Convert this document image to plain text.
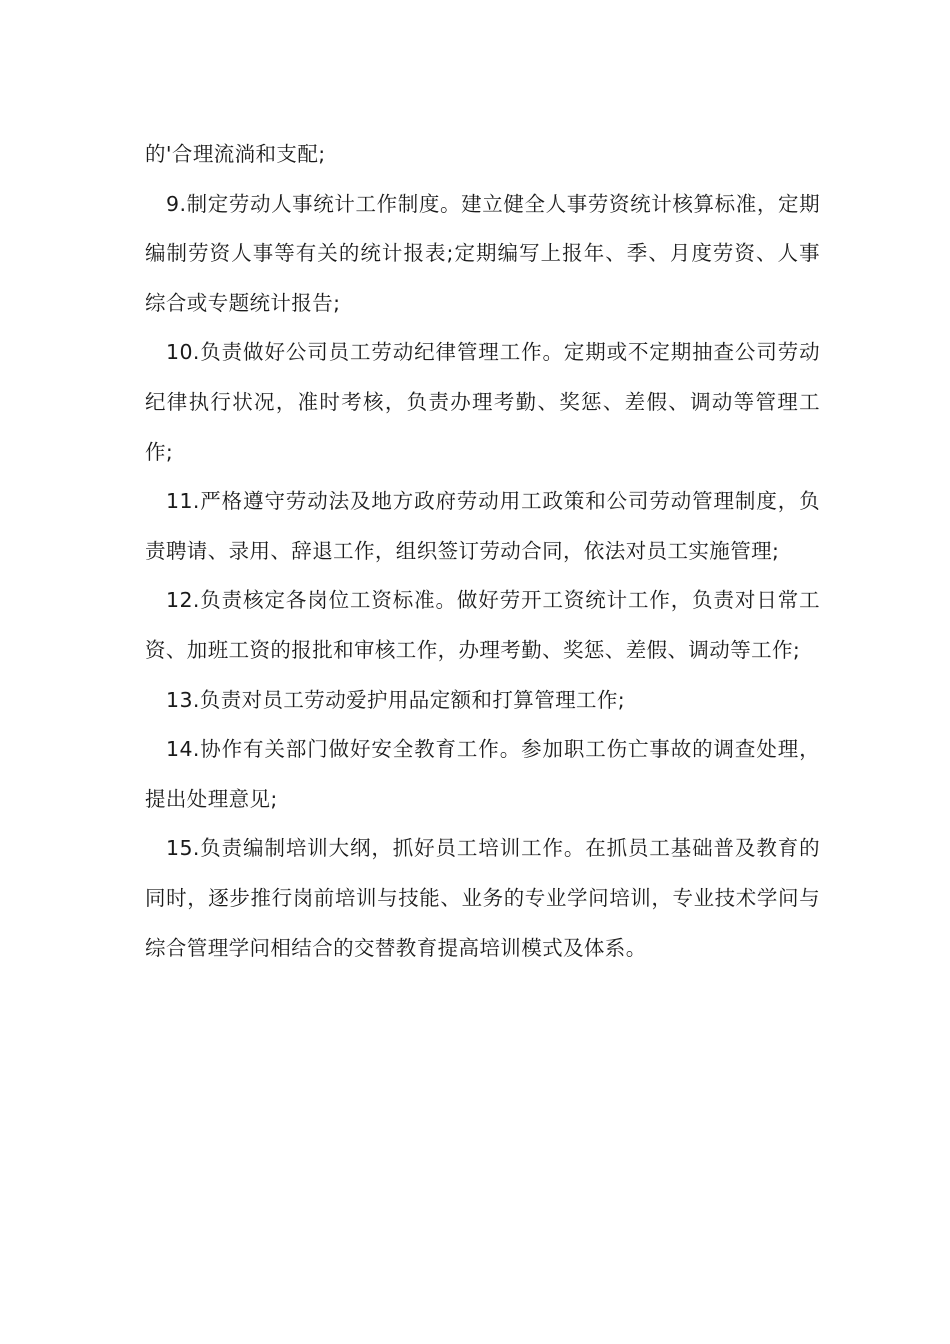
的'合理流淌和支配;

9.制定劳动人事统计工作制度。建立健全人事劳资统计核算标准，定期编制劳资人事等有关的统计报表;定期编写上报年、季、月度劳资、人事综合或专题统计报告;

10.负责做好公司员工劳动纪律管理工作。定期或不定期抽查公司劳动纪律执行状况，准时考核，负责办理考勤、奖惩、差假、调动等管理工作;

11.严格遵守劳动法及地方政府劳动用工政策和公司劳动管理制度，负责聘请、录用、辞退工作，组织签订劳动合同，依法对员工实施管理;

12.负责核定各岗位工资标准。做好劳开工资统计工作，负责对日常工资、加班工资的报批和审核工作，办理考勤、奖惩、差假、调动等工作;

13.负责对员工劳动爱护用品定额和打算管理工作;

14.协作有关部门做好安全教育工作。参加职工伤亡事故的调查处理，提出处理意见;

15.负责编制培训大纲，抓好员工培训工作。在抓员工基础普及教育的同时，逐步推行岗前培训与技能、业务的专业学问培训，专业技术学问与综合管理学问相结合的交替教育提高培训模式及体系。
